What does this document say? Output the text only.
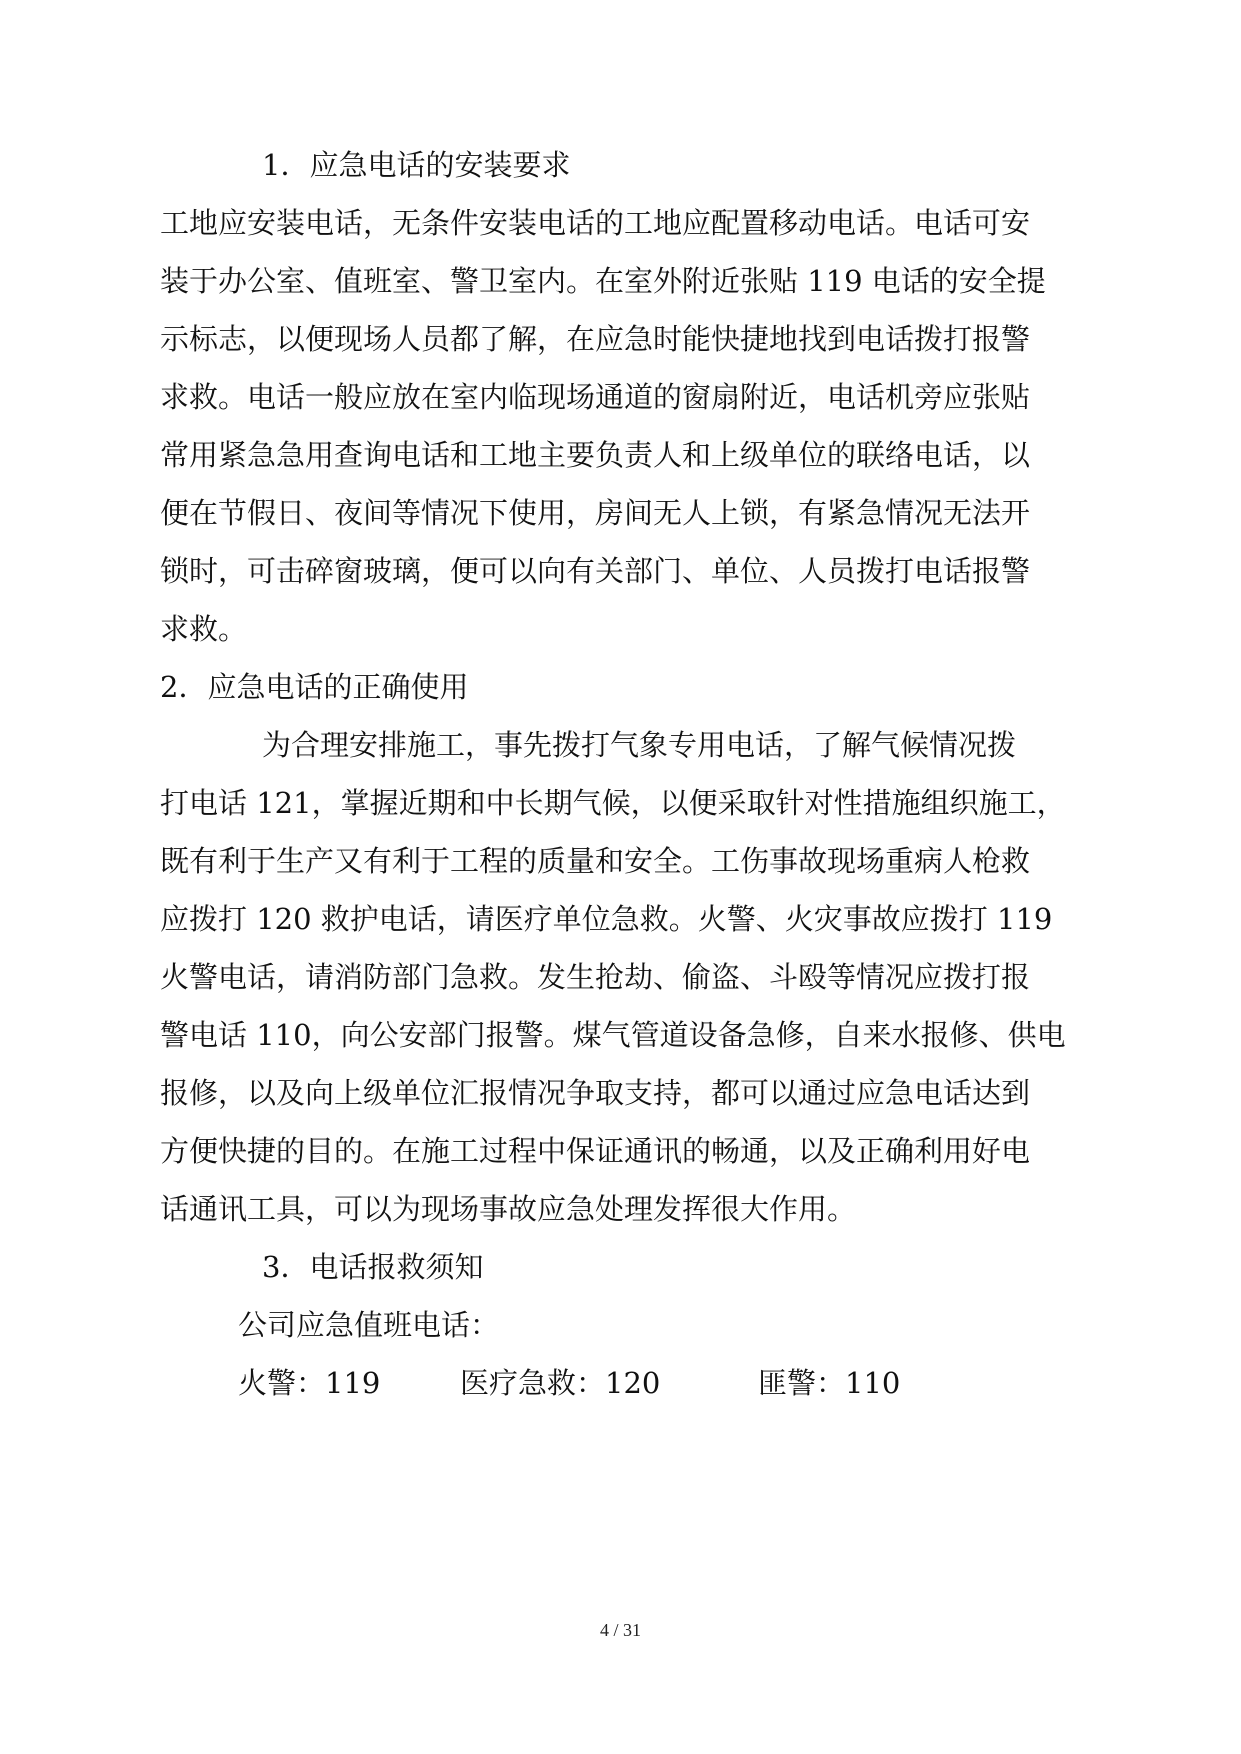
1．应急电话的安装要求
工地应安装电话，无条件安装电话的工地应配置移动电话。电话可安
装于办公室、值班室、警卫室内。在室外附近张贴 119 电话的安全提
示标志，以便现场人员都了解，在应急时能快捷地找到电话拨打报警
求救。电话一般应放在室内临现场通道的窗扇附近，电话机旁应张贴
常用紧急急用查询电话和工地主要负责人和上级单位的联络电话，以
便在节假日、夜间等情况下使用，房间无人上锁，有紧急情况无法开
锁时，可击碎窗玻璃，便可以向有关部门、单位、人员拨打电话报警
求救。
2．应急电话的正确使用
为合理安排施工，事先拨打气象专用电话，了解气候情况拨
打电话 121，掌握近期和中长期气候，以便采取针对性措施组织施工，
既有利于生产又有利于工程的质量和安全。工伤事故现场重病人枪救
应拨打 120 救护电话，请医疗单位急救。火警、火灾事故应拨打 119
火警电话，请消防部门急救。发生抢劫、偷盗、斗殴等情况应拨打报
警电话 110，向公安部门报警。煤气管道设备急修，自来水报修、供电
报修，以及向上级单位汇报情况争取支持，都可以通过应急电话达到
方便快捷的目的。在施工过程中保证通讯的畅通，以及正确利用好电
话通讯工具，可以为现场事故应急处理发挥很大作用。
3．电话报救须知
公司应急值班电话：
火警：119	医疗急救：120	匪警：110
4 / 31
